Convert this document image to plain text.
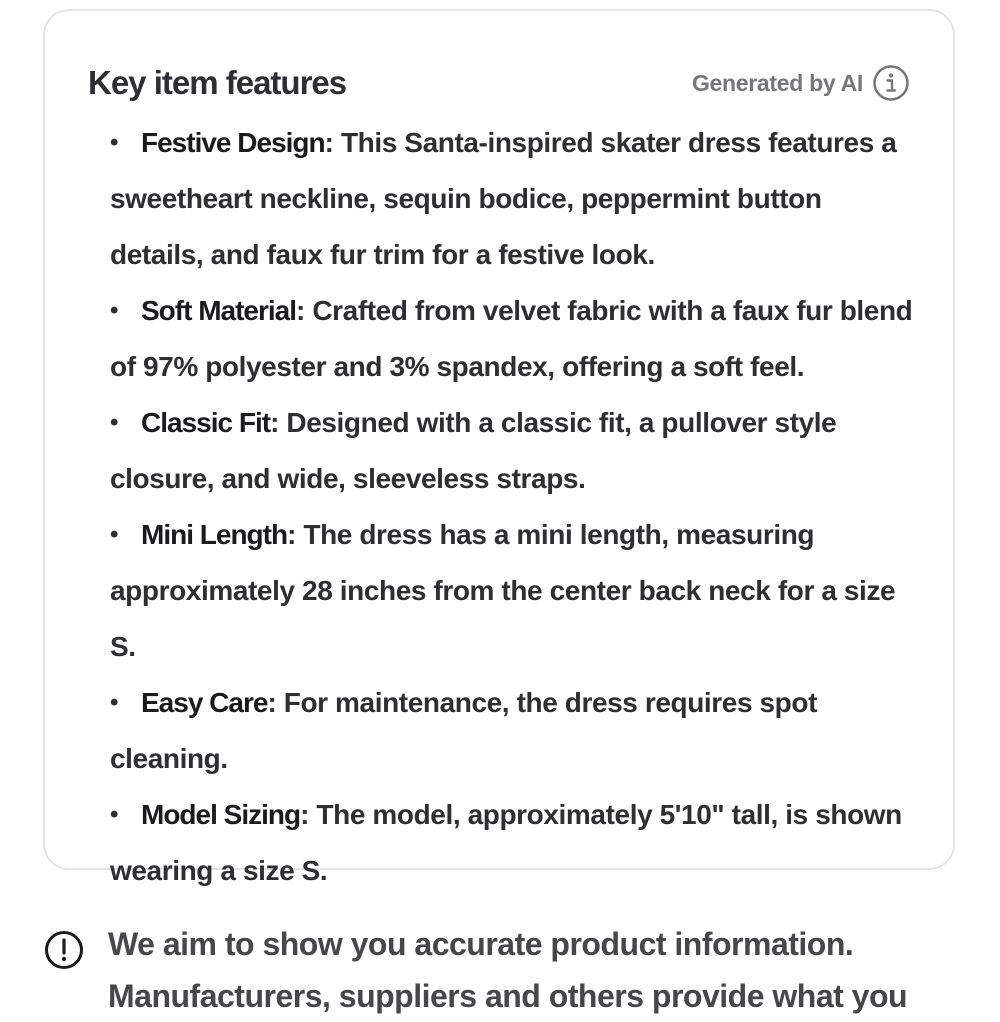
Key item features	Generated by AI
• Festive Design: This Santa-inspired skater dress features a sweetheart neckline, sequin bodice, peppermint button details, and faux fur trim for a festive look.
• Soft Material: Crafted from velvet fabric with a faux fur blend of 97% polyester and 3% spandex, offering a soft feel.
• Classic Fit: Designed with a classic fit, a pullover style closure, and wide, sleeveless straps.
• Mini Length: The dress has a mini length, measuring approximately 28 inches from the center back neck for a size S.
• Easy Care: For maintenance, the dress requires spot cleaning.
• Model Sizing: The model, approximately 5'10" tall, is shown wearing a size S.

We aim to show you accurate product information. Manufacturers, suppliers and others provide what you
